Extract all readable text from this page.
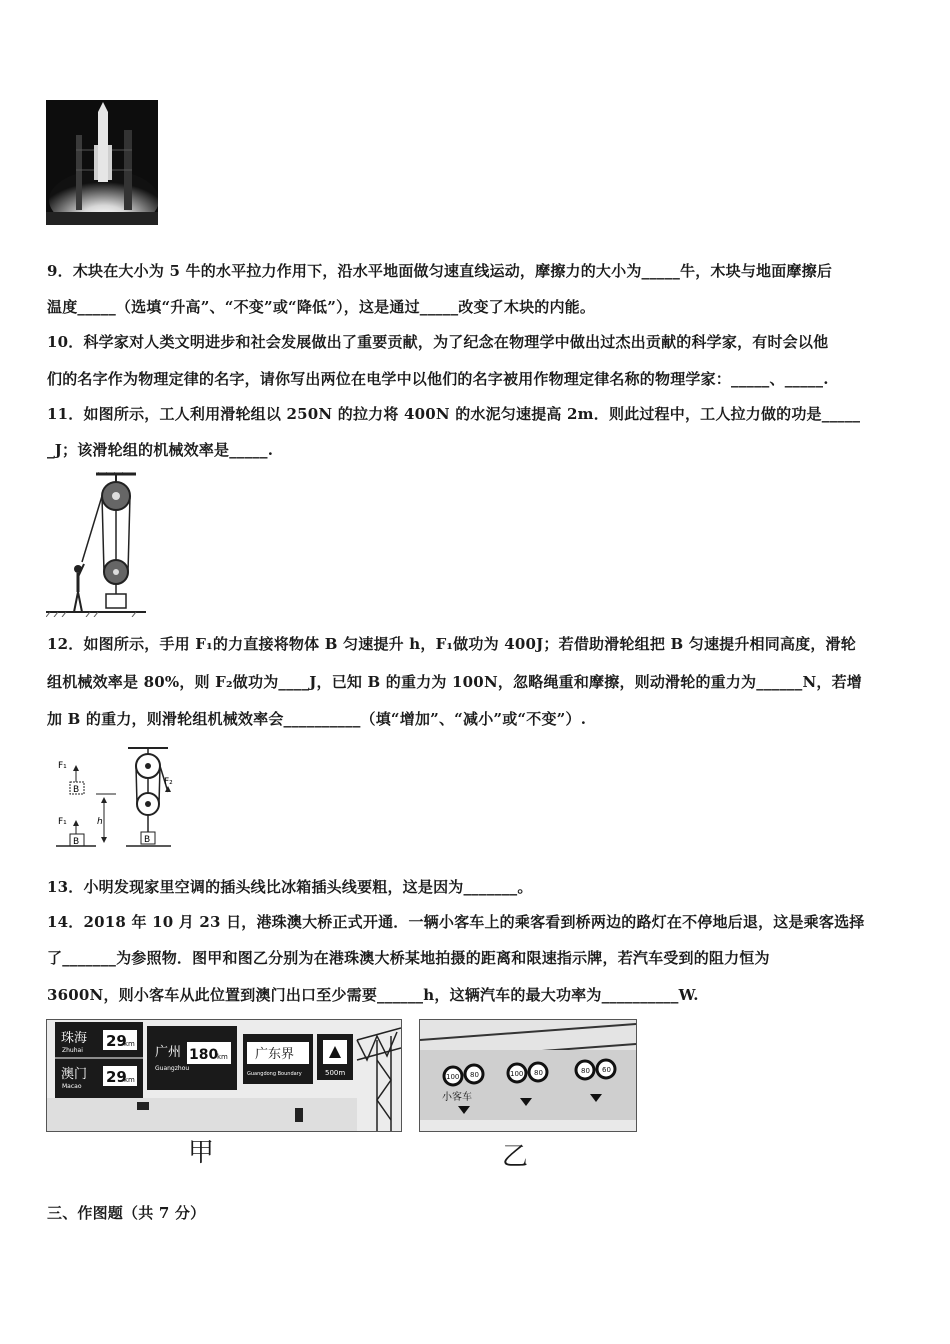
9．木块在大小为 5 牛的水平拉力作用下，沿水平地面做匀速直线运动，摩擦力的大小为_____牛，木块与地面摩擦后
温度_____（选填“升高”、“不变”或“降低”），这是通过_____改变了木块的内能。
10．科学家对人类文明进步和社会发展做出了重要贡献，为了纪念在物理学中做出过杰出贡献的科学家，有时会以他
们的名字作为物理定律的名字，请你写出两位在电学中以他们的名字被用作物理定律名称的物理学家：_____、_____.
11．如图所示，工人利用滑轮组以 250N 的拉力将 400N 的水泥匀速提高 2m．则此过程中，工人拉力做的功是_____
_J；该滑轮组的机械效率是_____.
12．如图所示，手用 F₁的力直接将物体 B 匀速提升 h，F₁做功为 400J；若借助滑轮组把 B 匀速提升相同高度，滑轮
组机械效率是 80%，则 F₂做功为____J，已知 B 的重力为 100N，忽略绳重和摩擦，则动滑轮的重力为______N，若增
加 B 的重力，则滑轮组机械效率会__________（填“增加”、“减小”或“不变”）.
F₁
B
h
F₁
B
F₂
B
13．小明发现家里空调的插头线比冰箱插头线要粗，这是因为_______。
14．2018 年 10 月 23 日，港珠澳大桥正式开通．一辆小客车上的乘客看到桥两边的路灯在不停地后退，这是乘客选择
了_______为参照物．图甲和图乙分别为在港珠澳大桥某地拍摄的距离和限速指示牌，若汽车受到的阻力恒为
3600N，则小客车从此位置到澳门出口至少需要______h，这辆汽车的最大功率为__________W.
珠海
Zhuhai
29
km
澳门
Macao
29
km
广州
Guangzhou
180
km 广东界
Guangdong Boundary	500m	100 80	100 80	80 60
小客车
甲	乙
三、作图题（共 7 分）
